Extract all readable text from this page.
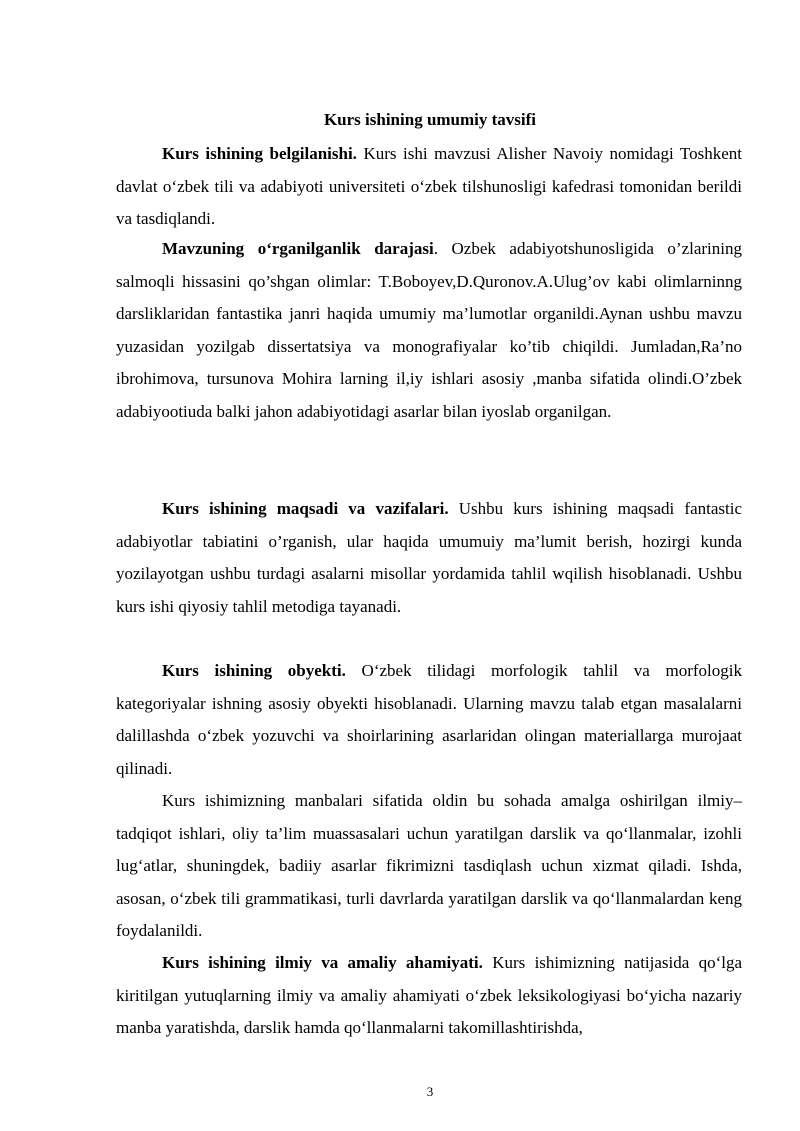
Kurs ishining umumiy tavsifi
Kurs ishining belgilanishi. Kurs ishi mavzusi Alisher Navoiy nomidagi Toshkent davlat o‘zbek tili va adabiyoti universiteti o‘zbek tilshunosligi kafedrasi tomonidan berildi va tasdiqlandi.
Mavzuning o‘rganilganlik darajasi. Ozbek adabiyotshunosligida o’zlarining salmoqli hissasini qo’shgan olimlar: T.Boboyev,D.Quronov.A.Ulug’ov kabi olimlarninng darsliklaridan fantastika janri haqida umumiy ma’lumotlar organildi.Aynan ushbu mavzu yuzasidan yozilgab dissertatsiya va monografiyalar ko’tib chiqildi. Jumladan,Ra’no ibrohimova, tursunova Mohira larning il,iy ishlari asosiy ,manba sifatida olindi.O’zbek adabiyootiuda balki jahon adabiyotidagi asarlar bilan iyoslab organilgan.
Kurs ishining maqsadi va vazifalari. Ushbu kurs ishining maqsadi fantastic adabiyotlar tabiatini o’rganish, ular haqida umumuiy ma’lumit berish, hozirgi kunda yozilayotgan ushbu turdagi asalarni misollar yordamida tahlil wqilish hisoblanadi. Ushbu kurs ishi qiyosiy tahlil metodiga tayanadi.
Kurs ishining obyekti. O‘zbek tilidagi morfologik tahlil va morfologik kategoriyalar ishning asosiy obyekti hisoblanadi. Ularning mavzu talab etgan masalalarni dalillashda o‘zbek yozuvchi va shoirlarining asarlaridan olingan materiallarga murojaat qilinadi.
Kurs ishimizning manbalari sifatida oldin bu sohada amalga oshirilgan ilmiy–tadqiqot ishlari, oliy ta’lim muassasalari uchun yaratilgan darslik va qo‘llanmalar, izohli lug‘atlar, shuningdek, badiiy asarlar fikrimizni tasdiqlash uchun xizmat qiladi. Ishda, asosan, o‘zbek tili grammatikasi, turli davrlarda yaratilgan darslik va qo‘llanmalardan keng foydalanildi.
Kurs ishining ilmiy va amaliy ahamiyati. Kurs ishimizning natijasida qo‘lga kiritilgan yutuqlarning ilmiy va amaliy ahamiyati o‘zbek leksikologiyasi bo‘yicha nazariy manba yaratishda, darslik hamda qo‘llanmalarni takomillashtirishda,
3
